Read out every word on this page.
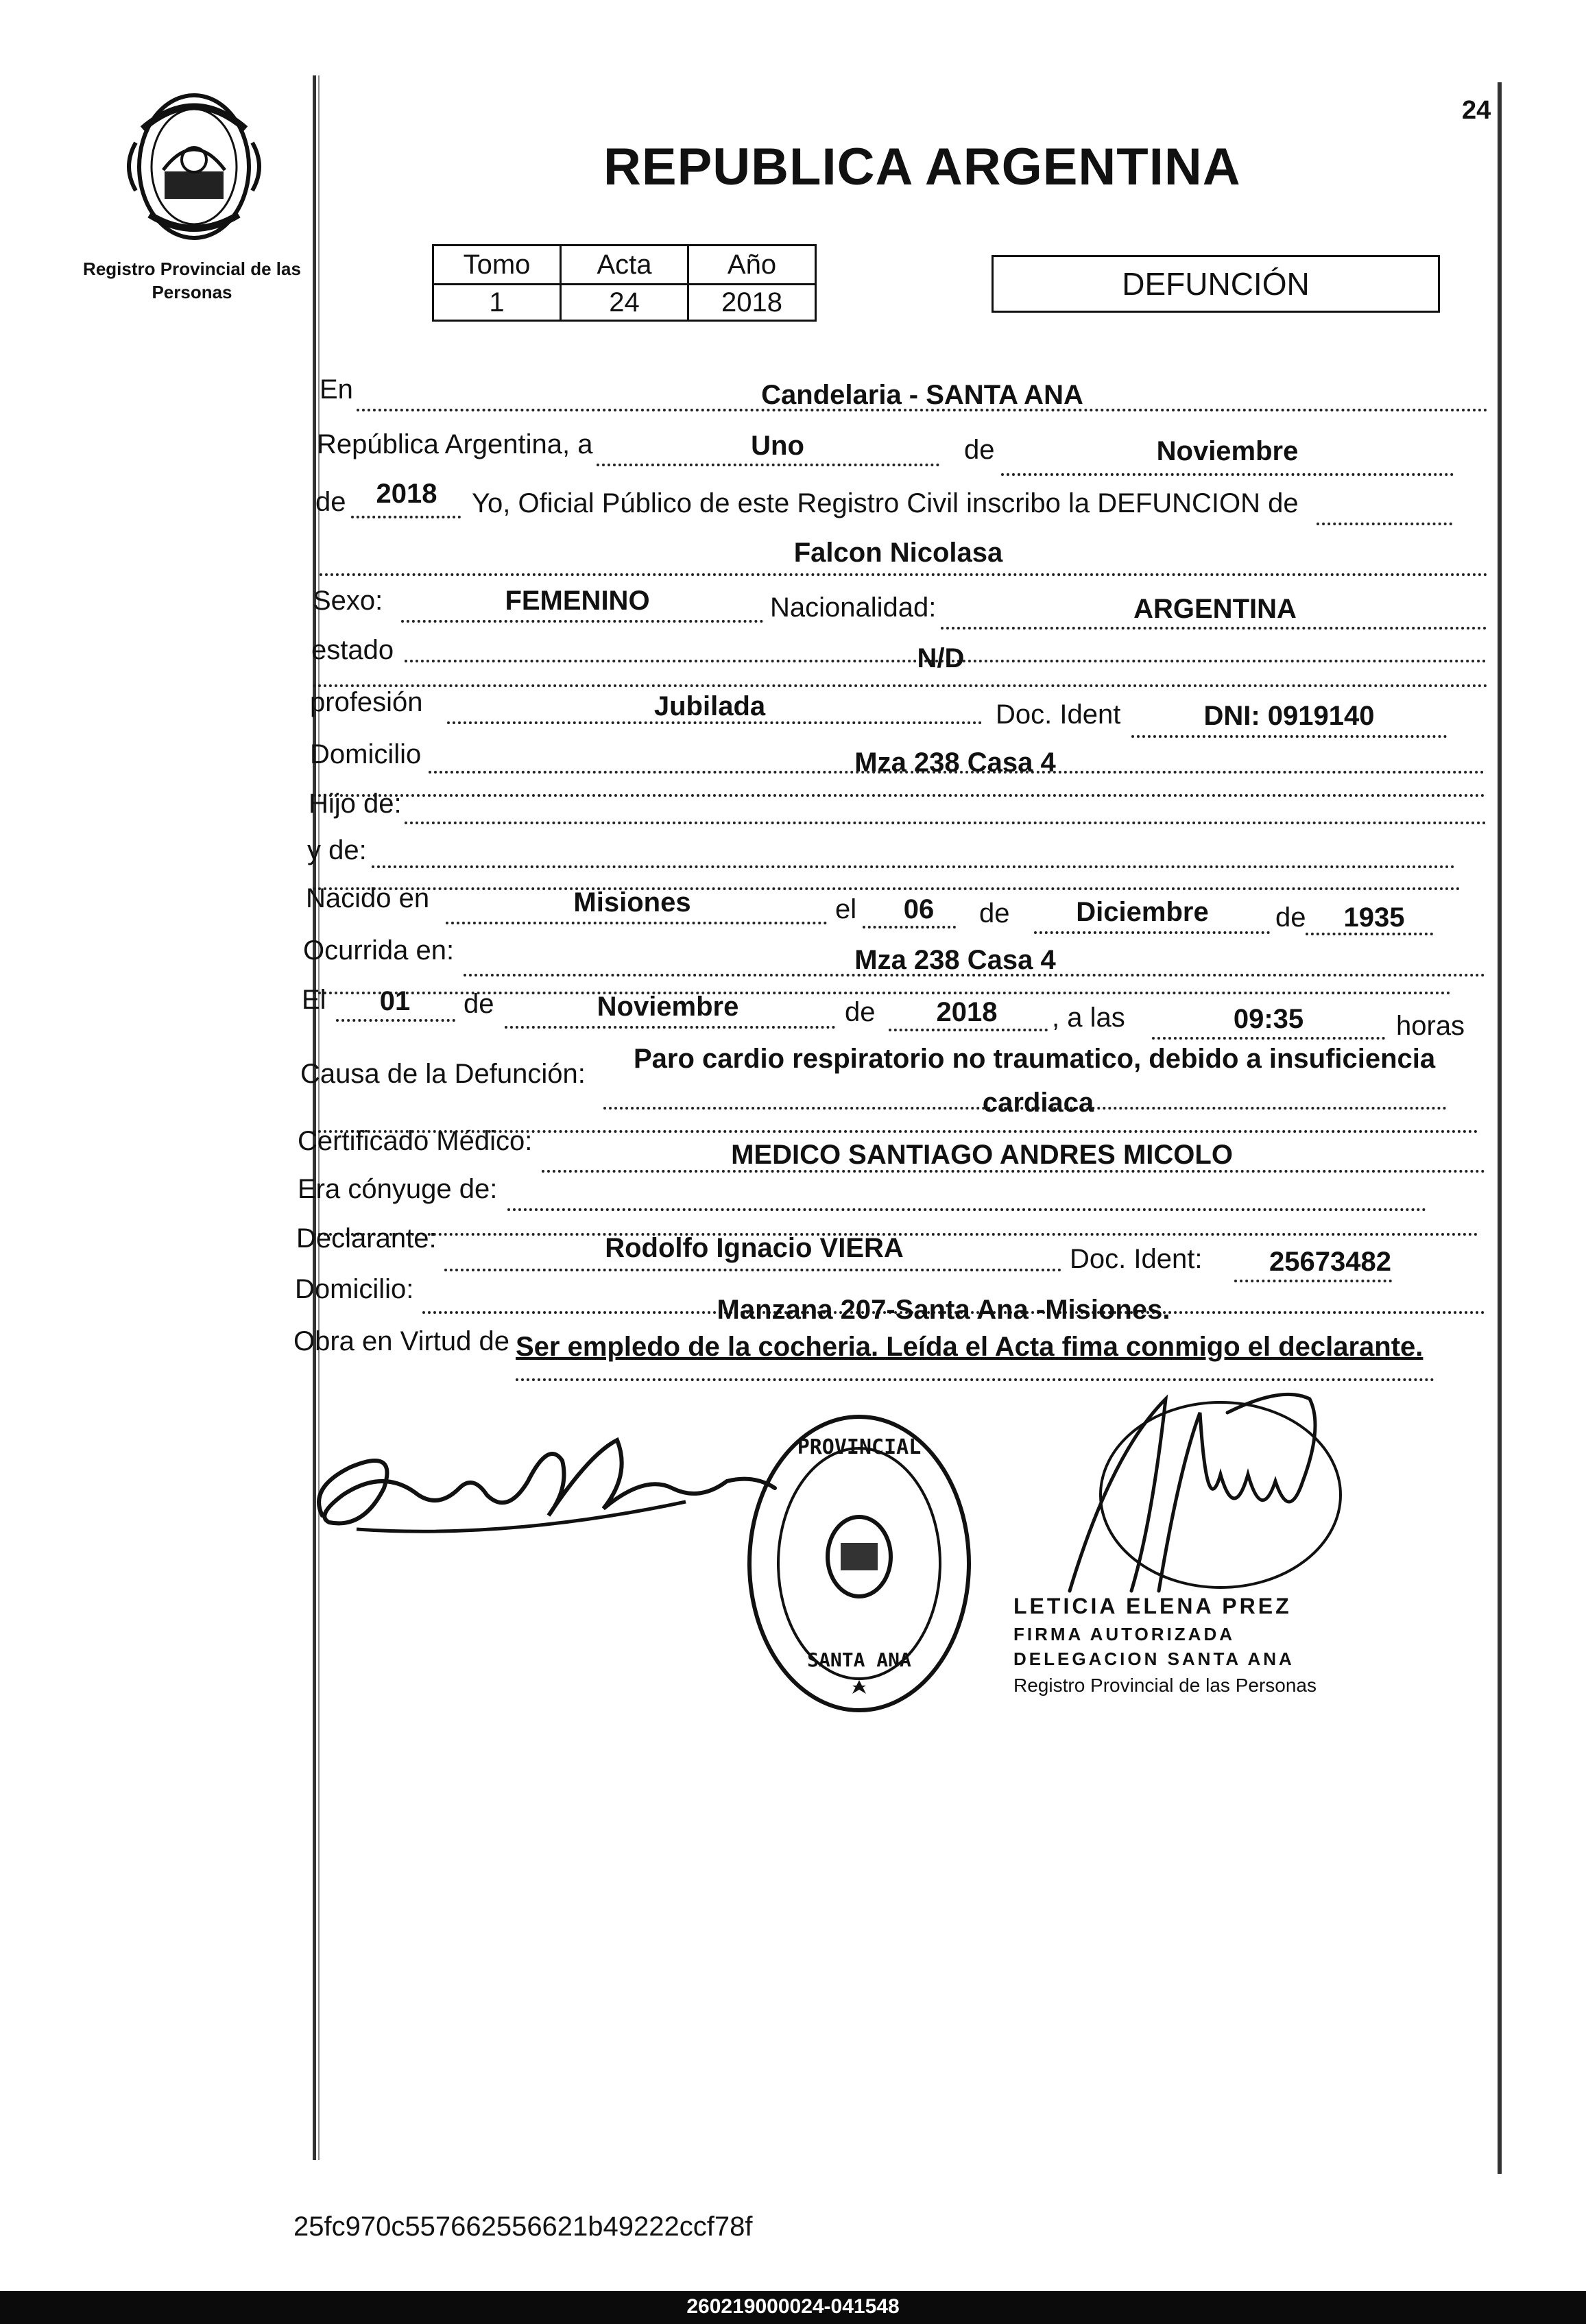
Registro Provincial de las Personas
24
REPUBLICA ARGENTINA
Tomo	Acta	Año
1	24	2018
DEFUNCIÓN
En	Candelaria - SANTA ANA
República Argentina, a	Uno	de	Noviembre
de 2018 Yo, Oficial Público de este Registro Civil inscribo la DEFUNCION de
Falcon Nicolasa
Sexo:	FEMENINO	Nacionalidad:	ARGENTINA
estado	N/D
profesión	Jubilada	Doc. Ident	DNI: 0919140
Domicilio	Mza 238 Casa 4
Hijo de:
y de:
Nacido en	Misiones	el 06 de Diciembre de 1935
Ocurrida en:	Mza 238 Casa 4
El 01 de	Noviembre	de 2018 , a las	09:35	horas
Causa de la Defunción: Paro cardio respiratorio no traumatico, debido a insuficiencia
cardiaca
Certificado Médico:	MEDICO SANTIAGO ANDRES MICOLO
Era cónyuge de:
Declarante:	Rodolfo Ignacio VIERA	Doc. Ident: 25673482
Domicilio:
Manzana 207-Santa Ana -Misiones.
Obra en Virtud de Ser empledo de la cocheria. Leída el Acta fima conmigo el declarante.
PROVINCIAL
SANTA ANA
LETICIA ELENA PREZ
FIRMA AUTORIZADA
DELEGACION SANTA ANA
Registro Provincial de las Personas
25fc970c557662556621b49222ccf78f
260219000024-041548
